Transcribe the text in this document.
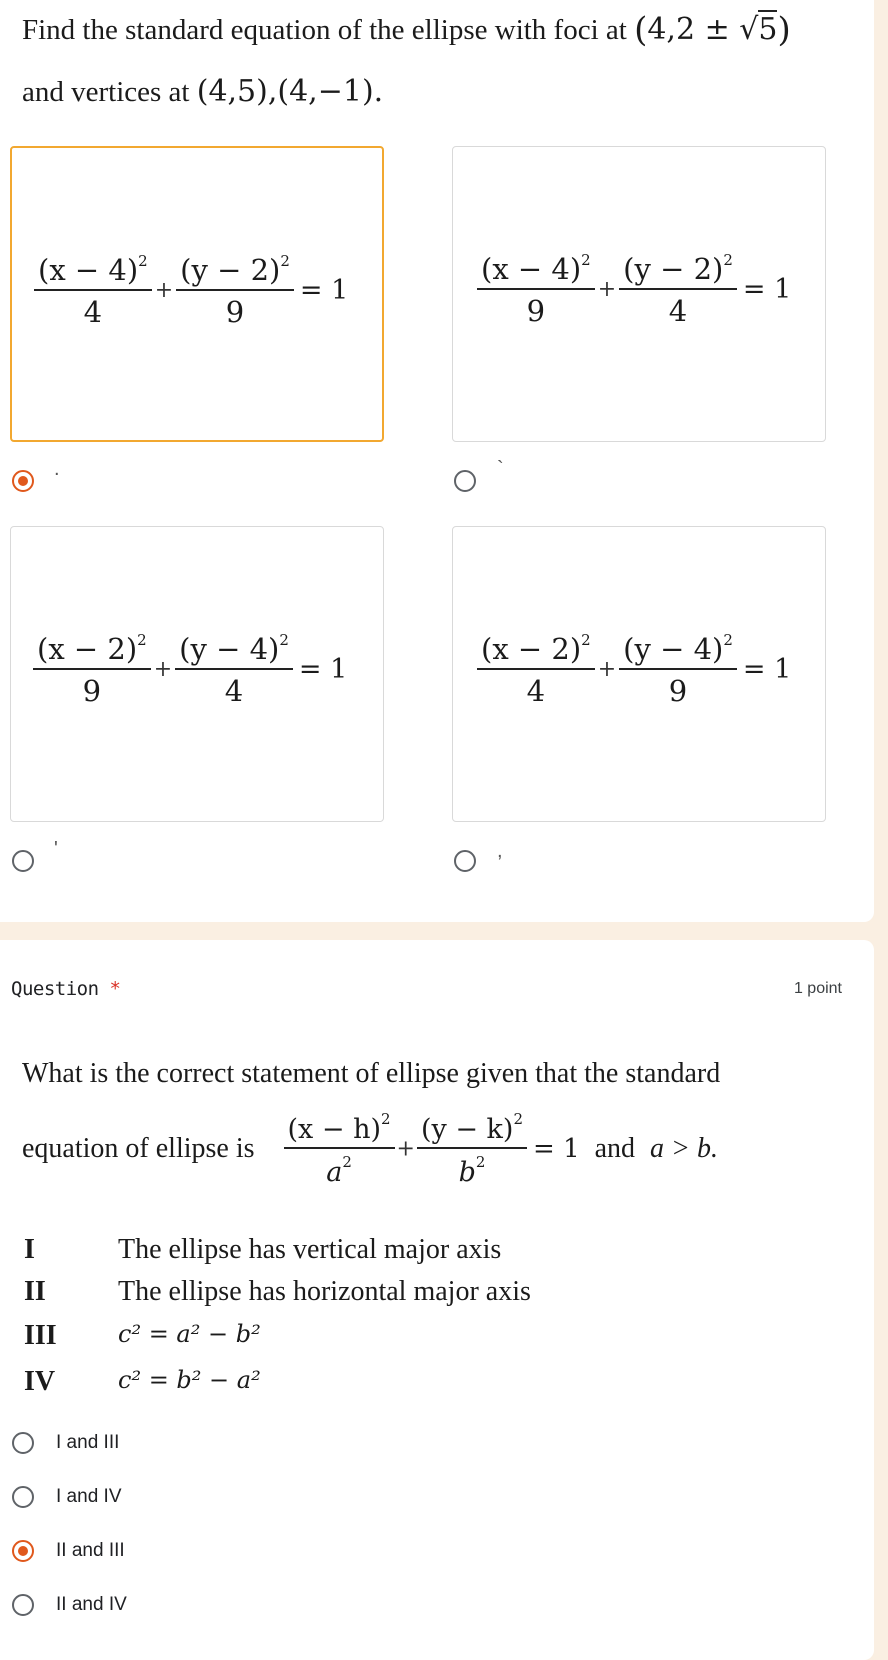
Find the standard equation of the ellipse with foci at (4,2 ± √5)
and vertices at (4,5),(4,−1).
$\frac{(x - 4)^2}{4} + \frac{(y - 2)^2}{9} = 1$	$\frac{(x - 4)^2}{9} + \frac{(y - 2)^2}{4} = 1$
.	`
$\frac{(x - 2)^2}{9} + \frac{(y - 4)^2}{4} = 1$	$\frac{(x - 2)^2}{4} + \frac{(y - 4)^2}{9} = 1$
'	,
Question *	1 point
What is the correct statement of ellipse given that the standard
equation of ellipse is $\frac{(x - h)^2}{a^2} + \frac{(y - k)^2}{b^2} = 1$ and a > b.
I	The ellipse has vertical major axis
II	The ellipse has horizontal major axis
III	c² = a² − b²
IV	c² = b² − a²
I and III
I and IV
II and III
II and IV
